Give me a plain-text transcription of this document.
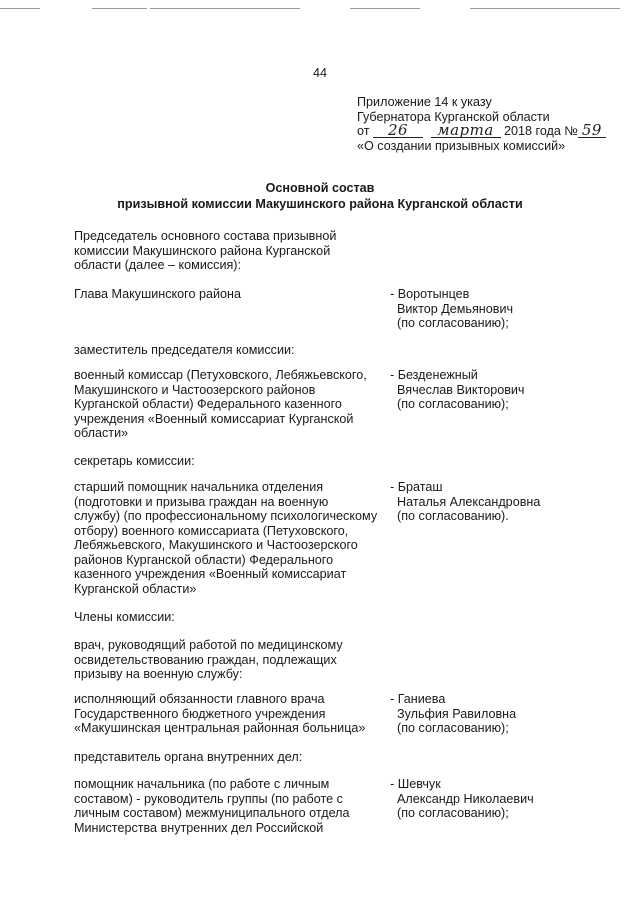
44
Приложение 14 к указу
Губернатора Курганской области
от 26 марта 2018 года № 59
«О создании призывных комиссий»
Основной состав
призывной комиссии Макушинского района Курганской области
Председатель основного состава призывной
комиссии Макушинского района Курганской
области (далее – комиссия):
Глава Макушинского района	- Воротынцев
Виктор Демьянович
(по согласованию);
заместитель председателя комиссии:
военный комиссар (Петуховского, Лебяжьевского,
Макушинского и Частоозерского районов
Курганской области) Федерального казенного
учреждения «Военный комиссариат Курганской
области»
- Безденежный
Вячеслав Викторович
(по согласованию);
секретарь комиссии:
старший помощник начальника отделения
(подготовки и призыва граждан на военную
службу) (по профессиональному психологическому
отбору) военного комиссариата (Петуховского,
Лебяжьевского, Макушинского и Частоозерского
районов Курганской области) Федерального
казенного учреждения «Военный комиссариат
Курганской области»
- Браташ
Наталья Александровна
(по согласованию).
Члены комиссии:
врач, руководящий работой по медицинскому
освидетельствованию граждан, подлежащих
призыву на военную службу:
исполняющий обязанности главного врача
Государственного бюджетного учреждения
«Макушинская центральная районная больница»
- Ганиева
Зульфия Равиловна
(по согласованию);
представитель органа внутренних дел:
помощник начальника (по работе с личным
составом) - руководитель группы (по работе с
личным составом) межмуниципального отдела
Министерства внутренних дел Российской
- Шевчук
Александр Николаевич
(по согласованию);
